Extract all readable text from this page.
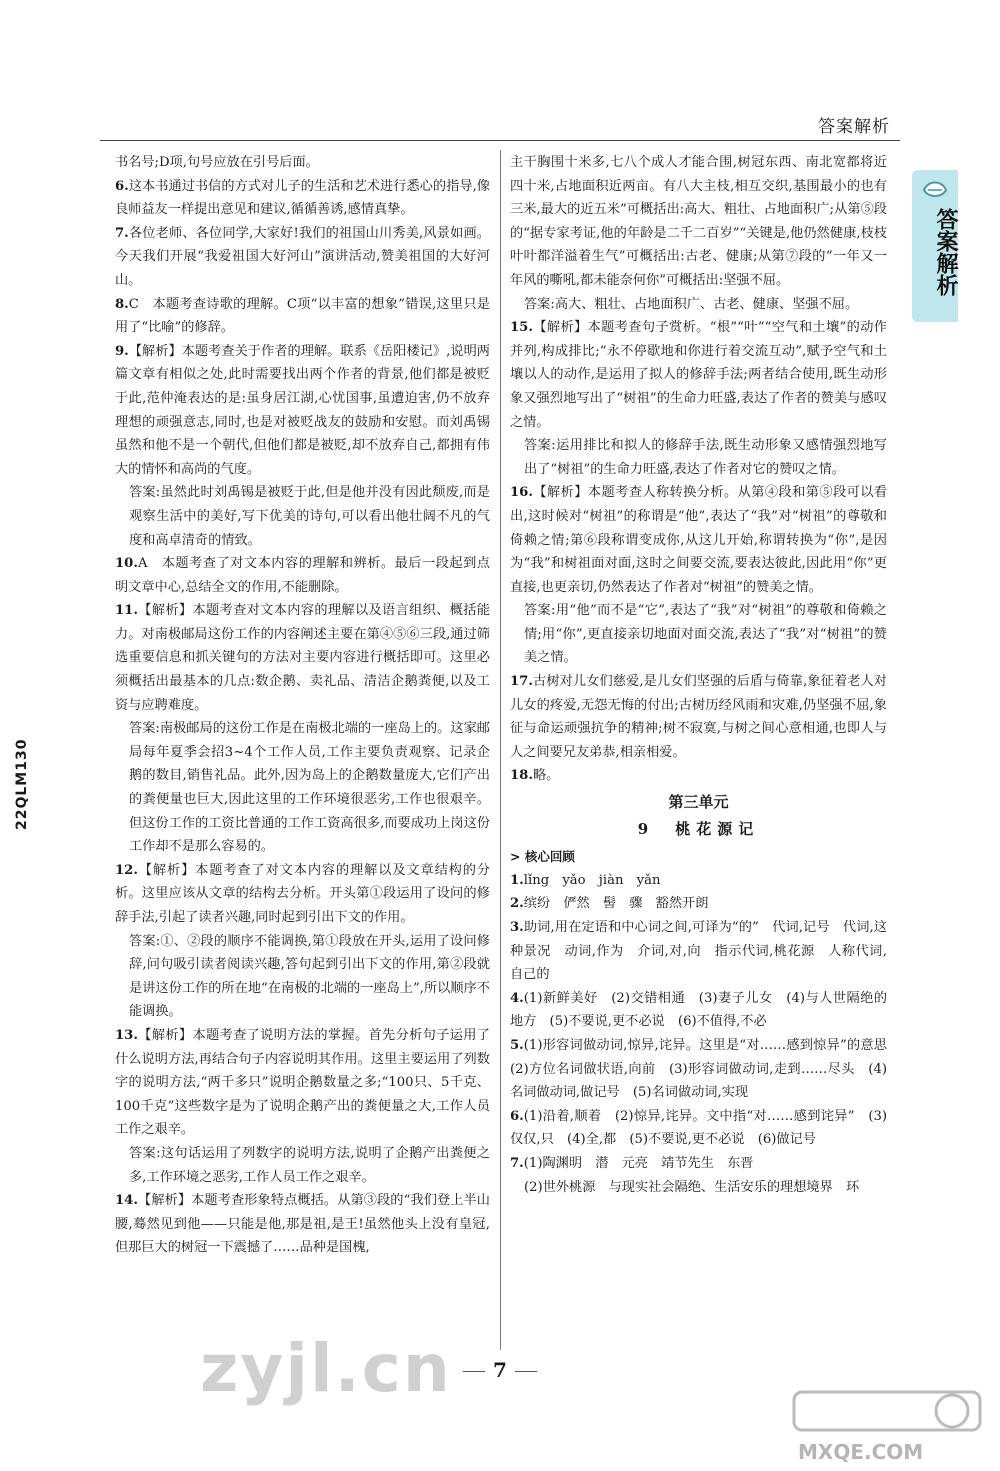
答案解析
答案解析
22QLM130

书名号;D项,句号应放在引号后面。

6.这本书通过书信的方式对儿子的生活和艺术进行悉心的指导,像良师益友一样提出意见和建议,循循善诱,感情真挚。

7.各位老师、各位同学,大家好!我们的祖国山川秀美,风景如画。今天我们开展“我爱祖国大好河山”演讲活动,赞美祖国的大好河山。

8.C　本题考查诗歌的理解。C项“以丰富的想象”错误,这里只是用了“比喻”的修辞。

9.【解析】本题考查关于作者的理解。联系《岳阳楼记》,说明两篇文章有相似之处,此时需要找出两个作者的背景,他们都是被贬于此,范仲淹表达的是:虽身居江湖,心忧国事,虽遭迫害,仍不放弃理想的顽强意志,同时,也是对被贬战友的鼓励和安慰。而刘禹锡虽然和他不是一个朝代,但他们都是被贬,却不放弃自己,都拥有伟大的情怀和高尚的气度。

答案:虽然此时刘禹锡是被贬于此,但是他并没有因此颓废,而是观察生活中的美好,写下优美的诗句,可以看出他壮阔不凡的气度和高卓清奇的情致。

10.A　本题考查了对文本内容的理解和辨析。最后一段起到点明文章中心,总结全文的作用,不能删除。

11.【解析】本题考查对文本内容的理解以及语言组织、概括能力。对南极邮局这份工作的内容阐述主要在第④⑤⑥三段,通过筛选重要信息和抓关键句的方法对主要内容进行概括即可。这里必须概括出最基本的几点:数企鹅、卖礼品、清洁企鹅粪便,以及工资与应聘难度。

答案:南极邮局的这份工作是在南极北端的一座岛上的。这家邮局每年夏季会招3~4个工作人员,工作主要负责观察、记录企鹅的数目,销售礼品。此外,因为岛上的企鹅数量庞大,它们产出的粪便量也巨大,因此这里的工作环境很恶劣,工作也很艰辛。但这份工作的工资比普通的工作工资高很多,而要成功上岗这份工作却不是那么容易的。

12.【解析】本题考查了对文本内容的理解以及文章结构的分析。这里应该从文章的结构去分析。开头第①段运用了设问的修辞手法,引起了读者兴趣,同时起到引出下文的作用。

答案:①、②段的顺序不能调换,第①段放在开头,运用了设问修辞,问句吸引读者阅读兴趣,答句起到引出下文的作用,第②段就是讲这份工作的所在地“在南极的北端的一座岛上”,所以顺序不能调换。

13.【解析】本题考查了说明方法的掌握。首先分析句子运用了什么说明方法,再结合句子内容说明其作用。这里主要运用了列数字的说明方法,“两千多只”说明企鹅数量之多;“100只、5千克、100千克”这些数字是为了说明企鹅产出的粪便量之大,工作人员工作之艰辛。

答案:这句话运用了列数字的说明方法,说明了企鹅产出粪便之多,工作环境之恶劣,工作人员工作之艰辛。

14.【解析】本题考查形象特点概括。从第③段的“我们登上半山腰,蓦然见到他——只能是他,那是祖,是王!虽然他头上没有皇冠,但那巨大的树冠一下震撼了……品种是国槐,

主干胸围十米多,七八个成人才能合围,树冠东西、南北宽都将近四十米,占地面积近两亩。有八大主枝,相互交织,基围最小的也有三米,最大的近五米”可概括出:高大、粗壮、占地面积广;从第⑤段的“据专家考证,他的年龄是二千二百岁”“关键是,他仍然健康,枝枝叶叶都洋溢着生气”可概括出:古老、健康;从第⑦段的“一年又一年风的嘶吼,都未能奈何你”可概括出:坚强不屈。

答案:高大、粗壮、占地面积广、古老、健康、坚强不屈。

15.【解析】本题考查句子赏析。“根”“叶”“空气和土壤”的动作并列,构成排比;“永不停歇地和你进行着交流互动”,赋予空气和土壤以人的动作,是运用了拟人的修辞手法;两者结合使用,既生动形象又强烈地写出了“树祖”的生命力旺盛,表达了作者的赞美与感叹之情。

答案:运用排比和拟人的修辞手法,既生动形象又感情强烈地写出了“树祖”的生命力旺盛,表达了作者对它的赞叹之情。

16.【解析】本题考查人称转换分析。从第④段和第⑤段可以看出,这时候对“树祖”的称谓是“他”,表达了“我”对“树祖”的尊敬和倚赖之情;第⑥段称谓变成你,从这儿开始,称谓转换为“你”,是因为“我”和树祖面对面,这时之间要交流,要表达彼此,因此用“你”更直接,也更亲切,仍然表达了作者对“树祖”的赞美之情。

答案:用“他”而不是“它”,表达了“我”对“树祖”的尊敬和倚赖之情;用“你”,更直接亲切地面对面交流,表达了“我”对“树祖”的赞美之情。

17.古树对儿女们慈爱,是儿女们坚强的后盾与倚靠,象征着老人对儿女的疼爱,无怨无悔的付出;古树历经风雨和灾难,仍坚强不屈,象征与命运顽强抗争的精神;树不寂寞,与树之间心意相通,也即人与人之间要兄友弟恭,相亲相爱。

18.略。

第三单元
9　桃花源记
> 核心回顾

1.lǐng　yǎo　jiàn　yǎn

2.缤纷　俨然　髻　骤　豁然开朗

3.助词,用在定语和中心词之间,可译为“的”　代词,记号　代词,这种景况　动词,作为　介词,对,向　指示代词,桃花源　人称代词,自己的

4.(1)新鲜美好　(2)交错相通　(3)妻子儿女　(4)与人世隔绝的地方　(5)不要说,更不必说　(6)不值得,不必

5.(1)形容词做动词,惊异,诧异。这里是“对……感到惊异”的意思　(2)方位名词做状语,向前　(3)形容词做动词,走到……尽头　(4)名词做动词,做记号　(5)名词做动词,实现

6.(1)沿着,顺着　(2)惊异,诧异。文中指“对……感到诧异”　(3)仅仅,只　(4)全,都　(5)不要说,更不必说　(6)做记号

7.(1)陶渊明　潜　元亮　靖节先生　东晋

(2)世外桃源　与现实社会隔绝、生活安乐的理想境界　环

7
zyjl.cn
MXQE.COM
